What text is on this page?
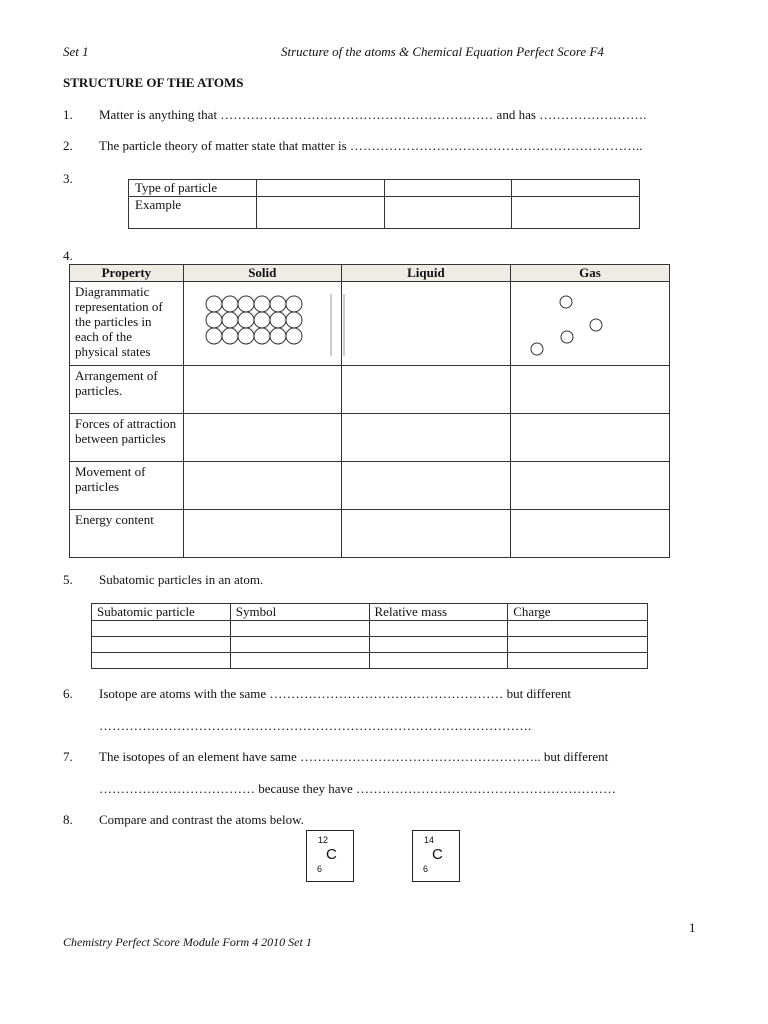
Set 1	Structure of the atoms & Chemical Equation Perfect Score F4
STRUCTURE OF THE ATOMS
1. Matter is anything that ……………………………………………………… and has …………………….
2. The particle theory of matter state that matter is …………………………………………………………..
3.
Type of particle			
Example			
4.
Property	Solid	Liquid	Gas
Diagrammatic representation of the particles in each of the physical states			
Arrangement of particles.			
Forces of attraction between particles			
Movement of particles			
Energy content			
5. Subatomic particles in an atom.
Subatomic particle	Symbol	Relative mass	Charge

6. Isotope are atoms with the same ……………………………………………… but different
……………………………………………………………………………………….
7. The isotopes of an element have same ……………………………………………….. but different
……………………………… because they have ……………………………………………………
8. Compare and contrast the atoms below.
12
C
6
14
C
6
1
Chemistry Perfect Score Module Form 4 2010 Set 1
